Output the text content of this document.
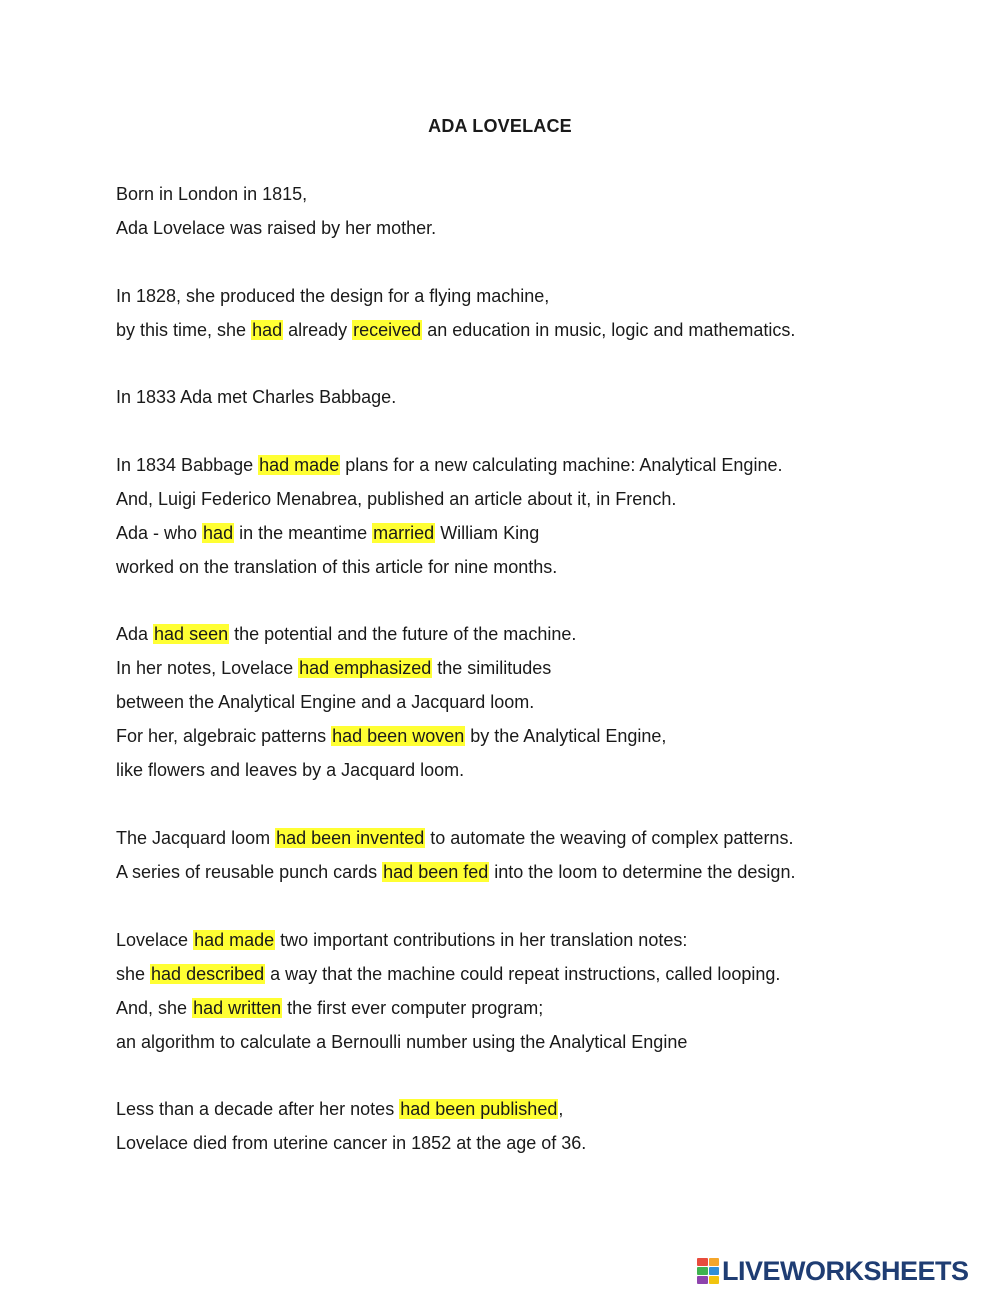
ADA LOVELACE
Born in London in 1815,
Ada Lovelace was raised by her mother.
In 1828, she produced the design for a flying machine,
by this time, she had already received an education in music, logic and mathematics.
In 1833 Ada met Charles Babbage.
In 1834 Babbage had made plans for a new calculating machine: Analytical Engine.
And, Luigi Federico Menabrea, published an article about it, in French.
Ada - who had in the meantime married William King
worked on the translation of this article for nine months.
Ada had seen the potential and the future of the machine.
In her notes, Lovelace had emphasized the similitudes
between the Analytical Engine and a Jacquard loom.
For her, algebraic patterns had been woven by the Analytical Engine,
like flowers and leaves by a Jacquard loom.
The Jacquard loom had been invented to automate the weaving of complex patterns.
A series of reusable punch cards had been fed into the loom to determine the design.
Lovelace had made two important contributions in her translation notes:
she had described a way that the machine could repeat instructions, called looping.
And, she had written the first ever computer program;
an algorithm to calculate a Bernoulli number using the Analytical Engine
Less than a decade after her notes had been published,
Lovelace died from uterine cancer in 1852 at the age of 36.
LIVEWORKSHEETS
